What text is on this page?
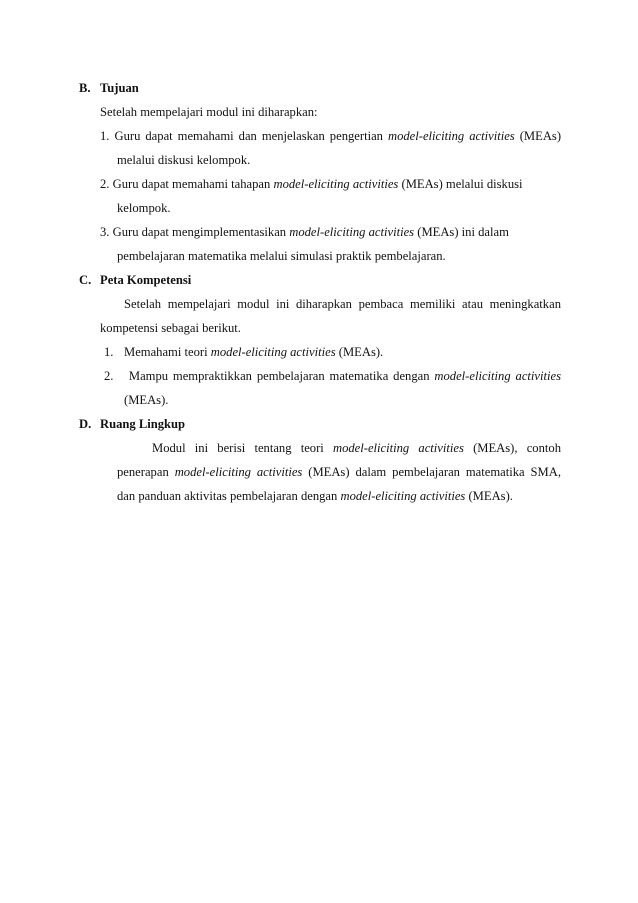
B. Tujuan
Setelah mempelajari modul ini diharapkan:
1. Guru dapat memahami dan menjelaskan pengertian model-eliciting activities (MEAs)
melalui diskusi kelompok.
2. Guru dapat memahami tahapan model-eliciting activities (MEAs) melalui diskusi
kelompok.
3. Guru dapat mengimplementasikan model-eliciting activities (MEAs) ini dalam
pembelajaran matematika melalui simulasi praktik pembelajaran.
C. Peta Kompetensi
Setelah mempelajari modul ini diharapkan pembaca memiliki atau meningkatkan
kompetensi sebagai berikut.
1. Memahami teori model-eliciting activities (MEAs).
2. Mampu mempraktikkan pembelajaran matematika dengan model-eliciting activities
(MEAs).
D. Ruang Lingkup
Modul ini berisi tentang teori model-eliciting activities (MEAs), contoh
penerapan model-eliciting activities (MEAs) dalam pembelajaran matematika SMA,
dan panduan aktivitas pembelajaran dengan model-eliciting activities (MEAs).
